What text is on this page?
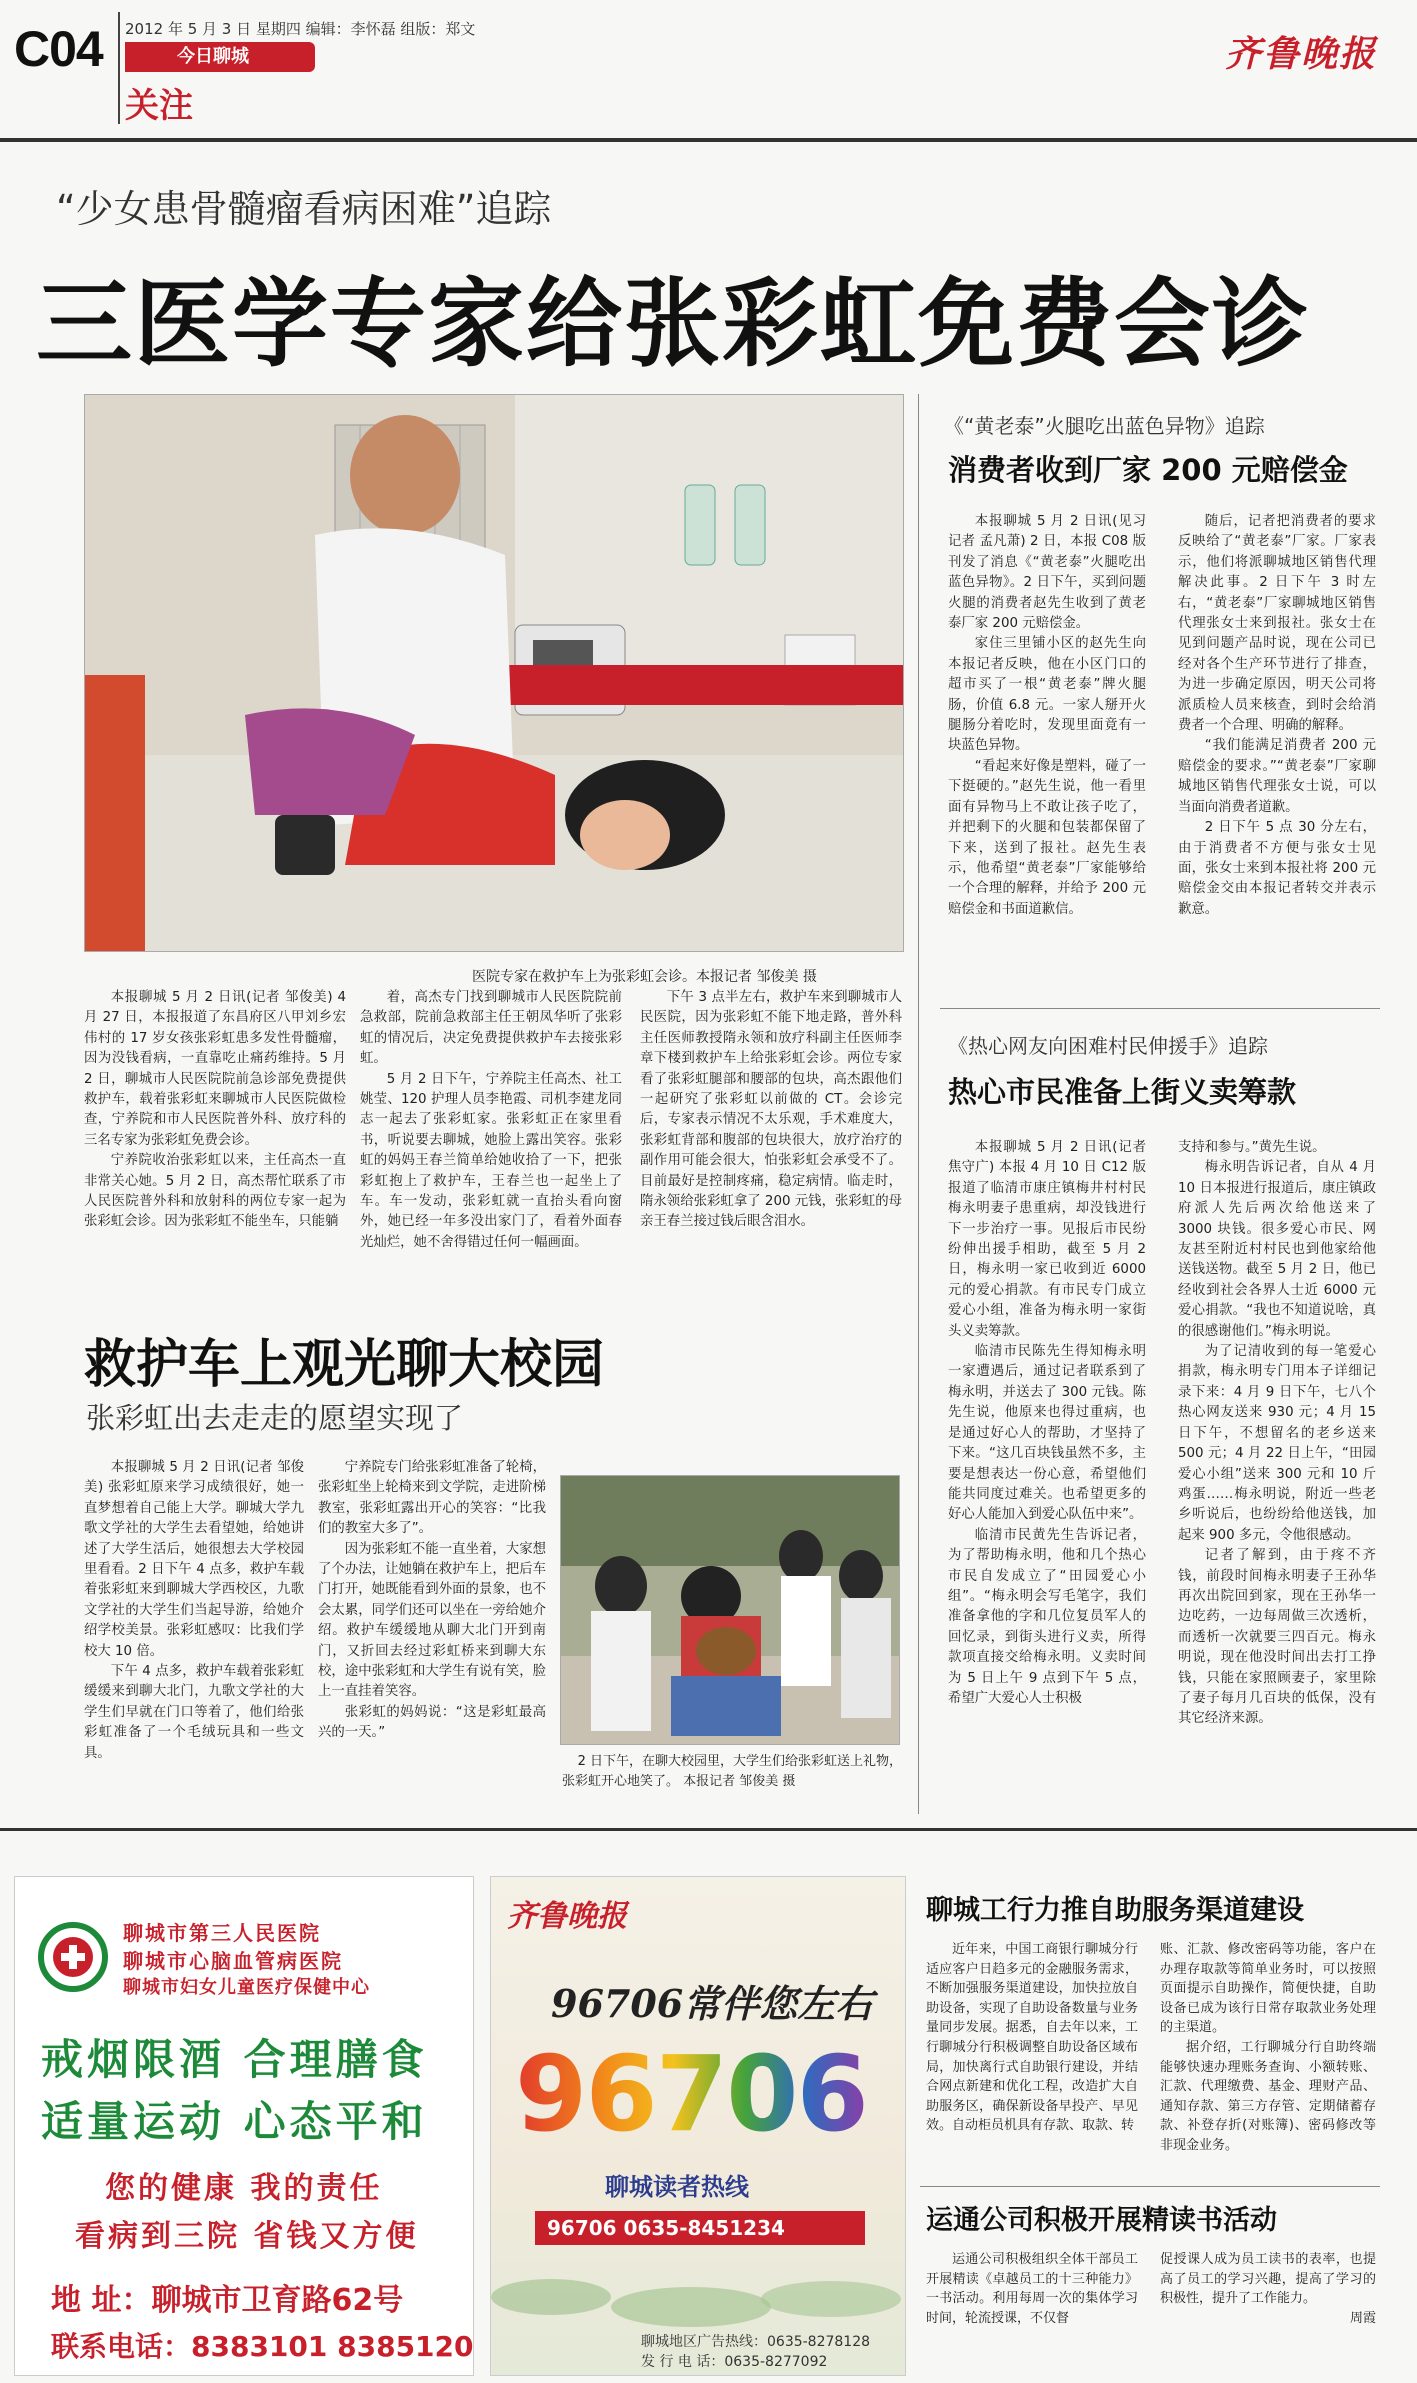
C04 2012 年 5 月 3 日 星期四 编辑：李怀磊 组版：郑文
今日聊城
关注
齐鲁晚报
“少女患骨髓瘤看病困难”追踪
三医学专家给张彩虹免费会诊
医院专家在救护车上为张彩虹会诊。本报记者 邹俊美 摄

本报聊城 5 月 2 日讯(记者 邹俊美) 4 月 27 日，本报报道了东昌府区八甲刘乡宏伟村的 17 岁女孩张彩虹患多发性骨髓瘤，因为没钱看病，一直靠吃止痛药维持。5 月 2 日，聊城市人民医院院前急诊部免费提供救护车，载着张彩虹来聊城市人民医院做检查，宁养院和市人民医院普外科、放疗科的三名专家为张彩虹免费会诊。

宁养院收治张彩虹以来，主任高杰一直非常关心她。5 月 2 日，高杰帮忙联系了市人民医院普外科和放射科的两位专家一起为张彩虹会诊。因为张彩虹不能坐车，只能躺

着，高杰专门找到聊城市人民医院院前急救部，院前急救部主任王朝凤华听了张彩虹的情况后，决定免费提供救护车去接张彩虹。

5 月 2 日下午，宁养院主任高杰、社工姚莹、120 护理人员李艳霞、司机李建龙同志一起去了张彩虹家。张彩虹正在家里看书，听说要去聊城，她脸上露出笑容。张彩虹的妈妈王春兰简单给她收拾了一下，把张彩虹抱上了救护车，王春兰也一起坐上了车。车一发动，张彩虹就一直抬头看向窗外，她已经一年多没出家门了，看着外面春光灿烂，她不舍得错过任何一幅画面。

下午 3 点半左右，救护车来到聊城市人民医院，因为张彩虹不能下地走路，普外科主任医师教授隋永领和放疗科副主任医师李章下楼到救护车上给张彩虹会诊。两位专家看了张彩虹腿部和腰部的包块，高杰跟他们一起研究了张彩虹以前做的 CT。会诊完后，专家表示情况不太乐观，手术难度大，张彩虹背部和腹部的包块很大，放疗治疗的副作用可能会很大，怕张彩虹会承受不了。目前最好是控制疼痛，稳定病情。临走时，隋永领给张彩虹拿了 200 元钱，张彩虹的母亲王春兰接过钱后眼含泪水。

救护车上观光聊大校园
张彩虹出去走走的愿望实现了

本报聊城 5 月 2 日讯(记者 邹俊美) 张彩虹原来学习成绩很好，她一直梦想着自己能上大学。聊城大学九歌文学社的大学生去看望她，给她讲述了大学生活后，她很想去大学校园里看看。2 日下午 4 点多，救护车载着张彩虹来到聊城大学西校区，九歌文学社的大学生们当起导游，给她介绍学校美景。张彩虹感叹：比我们学校大 10 倍。

下午 4 点多，救护车载着张彩虹缓缓来到聊大北门，九歌文学社的大学生们早就在门口等着了，他们给张彩虹准备了一个毛绒玩具和一些文具。

宁养院专门给张彩虹准备了轮椅，张彩虹坐上轮椅来到文学院，走进阶梯教室，张彩虹露出开心的笑容：“比我们的教室大多了”。

因为张彩虹不能一直坐着，大家想了个办法，让她躺在救护车上，把后车门打开，她既能看到外面的景象，也不会太累，同学们还可以坐在一旁给她介绍。救护车缓缓地从聊大北门开到南门，又折回去经过彩虹桥来到聊大东校，途中张彩虹和大学生有说有笑，脸上一直挂着笑容。

张彩虹的妈妈说：“这是彩虹最高兴的一天。”

2 日下午，在聊大校园里，大学生们给张彩虹送上礼物，张彩虹开心地笑了。 本报记者 邹俊美 摄

《“黄老泰”火腿吃出蓝色异物》追踪
消费者收到厂家 200 元赔偿金

本报聊城 5 月 2 日讯(见习记者 孟凡萧) 2 日，本报 C08 版刊发了消息《“黄老泰”火腿吃出蓝色异物》。2 日下午，买到问题火腿的消费者赵先生收到了黄老泰厂家 200 元赔偿金。

家住三里铺小区的赵先生向本报记者反映，他在小区门口的超市买了一根“黄老泰”牌火腿肠，价值 6.8 元。一家人掰开火腿肠分着吃时，发现里面竟有一块蓝色异物。

“看起来好像是塑料，碰了一下挺硬的。”赵先生说，他一看里面有异物马上不敢让孩子吃了，并把剩下的火腿和包装都保留了下来，送到了报社。赵先生表示，他希望“黄老泰”厂家能够给一个合理的解释，并给予 200 元赔偿金和书面道歉信。

随后，记者把消费者的要求反映给了“黄老泰”厂家。厂家表示，他们将派聊城地区销售代理解决此事。2 日下午 3 时左右，“黄老泰”厂家聊城地区销售代理张女士来到报社。张女士在见到问题产品时说，现在公司已经对各个生产环节进行了排查，为进一步确定原因，明天公司将派质检人员来核查，到时会给消费者一个合理、明确的解释。

“我们能满足消费者 200 元赔偿金的要求。”“黄老泰”厂家聊城地区销售代理张女士说，可以当面向消费者道歉。

2 日下午 5 点 30 分左右，由于消费者不方便与张女士见面，张女士来到本报社将 200 元赔偿金交由本报记者转交并表示歉意。

《热心网友向困难村民伸援手》追踪
热心市民准备上街义卖筹款

本报聊城 5 月 2 日讯(记者 焦守广) 本报 4 月 10 日 C12 版报道了临清市康庄镇梅井村村民梅永明妻子患重病，却没钱进行下一步治疗一事。见报后市民纷纷伸出援手相助，截至 5 月 2 日，梅永明一家已收到近 6000 元的爱心捐款。有市民专门成立爱心小组，准备为梅永明一家街头义卖筹款。

临清市民陈先生得知梅永明一家遭遇后，通过记者联系到了梅永明，并送去了 300 元钱。陈先生说，他原来也得过重病，也是通过好心人的帮助，才坚持了下来。“这几百块钱虽然不多，主要是想表达一份心意，希望他们能共同度过难关。也希望更多的好心人能加入到爱心队伍中来”。

临清市民黄先生告诉记者，为了帮助梅永明，他和几个热心市民自发成立了“田园爱心小组”。“梅永明会写毛笔字，我们准备拿他的字和几位复员军人的回忆录，到街头进行义卖，所得款项直接交给梅永明。义卖时间为 5 日上午 9 点到下午 5 点，希望广大爱心人士积极

支持和参与。”黄先生说。

梅永明告诉记者，自从 4 月 10 日本报进行报道后，康庄镇政府派人先后两次给他送来了 3000 块钱。很多爱心市民、网友甚至附近村村民也到他家给他送钱送物。截至 5 月 2 日，他已经收到社会各界人士近 6000 元爱心捐款。“我也不知道说啥，真的很感谢他们。”梅永明说。

为了记清收到的每一笔爱心捐款，梅永明专门用本子详细记录下来：4 月 9 日下午，七八个热心网友送来 930 元；4 月 15 日下午，不想留名的老乡送来 500 元；4 月 22 日上午，“田园爱心小组”送来 300 元和 10 斤鸡蛋……梅永明说，附近一些老乡听说后，也纷纷给他送钱，加起来 900 多元，令他很感动。

记者了解到，由于疼不齐钱，前段时间梅永明妻子王孙华再次出院回到家，现在王孙华一边吃药，一边每周做三次透析，而透析一次就要三四百元。梅永明说，现在他没时间出去打工挣钱，只能在家照顾妻子，家里除了妻子每月几百块的低保，没有其它经济来源。

聊城市第三人民医院
聊城市心脑血管病医院
聊城市妇女儿童医疗保健中心
戒烟限酒 合理膳食
适量运动 心态平和
您的健康 我的责任
看病到三院 省钱又方便
地 址：聊城市卫育路62号
联系电话：8383101 8385120
齐鲁晚报
96706常伴您左右
96706
聊城读者热线
96706 0635-8451234
聊城地区广告热线：0635-8278128
发 行 电 话：0635-8277092
聊城工行力推自助服务渠道建设

近年来，中国工商银行聊城分行适应客户日趋多元的金融服务需求，不断加强服务渠道建设，加快拉放自助设备，实现了自助设备数量与业务量同步发展。据悉，自去年以来，工行聊城分行积极调整自助设备区域布局，加快离行式自助银行建设，并结合网点新建和优化工程，改造扩大自助服务区，确保新设备早投产、早见效。自动柜员机具有存款、取款、转

账、汇款、修改密码等功能，客户在办理存取款等简单业务时，可以按照页面提示自助操作，简便快捷，自助设备已成为该行日常存取款业务处理的主渠道。

据介绍，工行聊城分行自助终端能够快速办理账务查询、小额转账、汇款、代理缴费、基金、理财产品、通知存款、第三方存管、定期储蓄存款、补登存折(对账簿)、密码修改等非现金业务。

运通公司积极开展精读书活动

运通公司积极组织全体干部员工开展精读《卓越员工的十三种能力》一书活动。利用每周一次的集体学习时间，轮流授课，不仅督

促授课人成为员工读书的表率，也提高了员工的学习兴趣，提高了学习的积极性，提升了工作能力。

周霞
